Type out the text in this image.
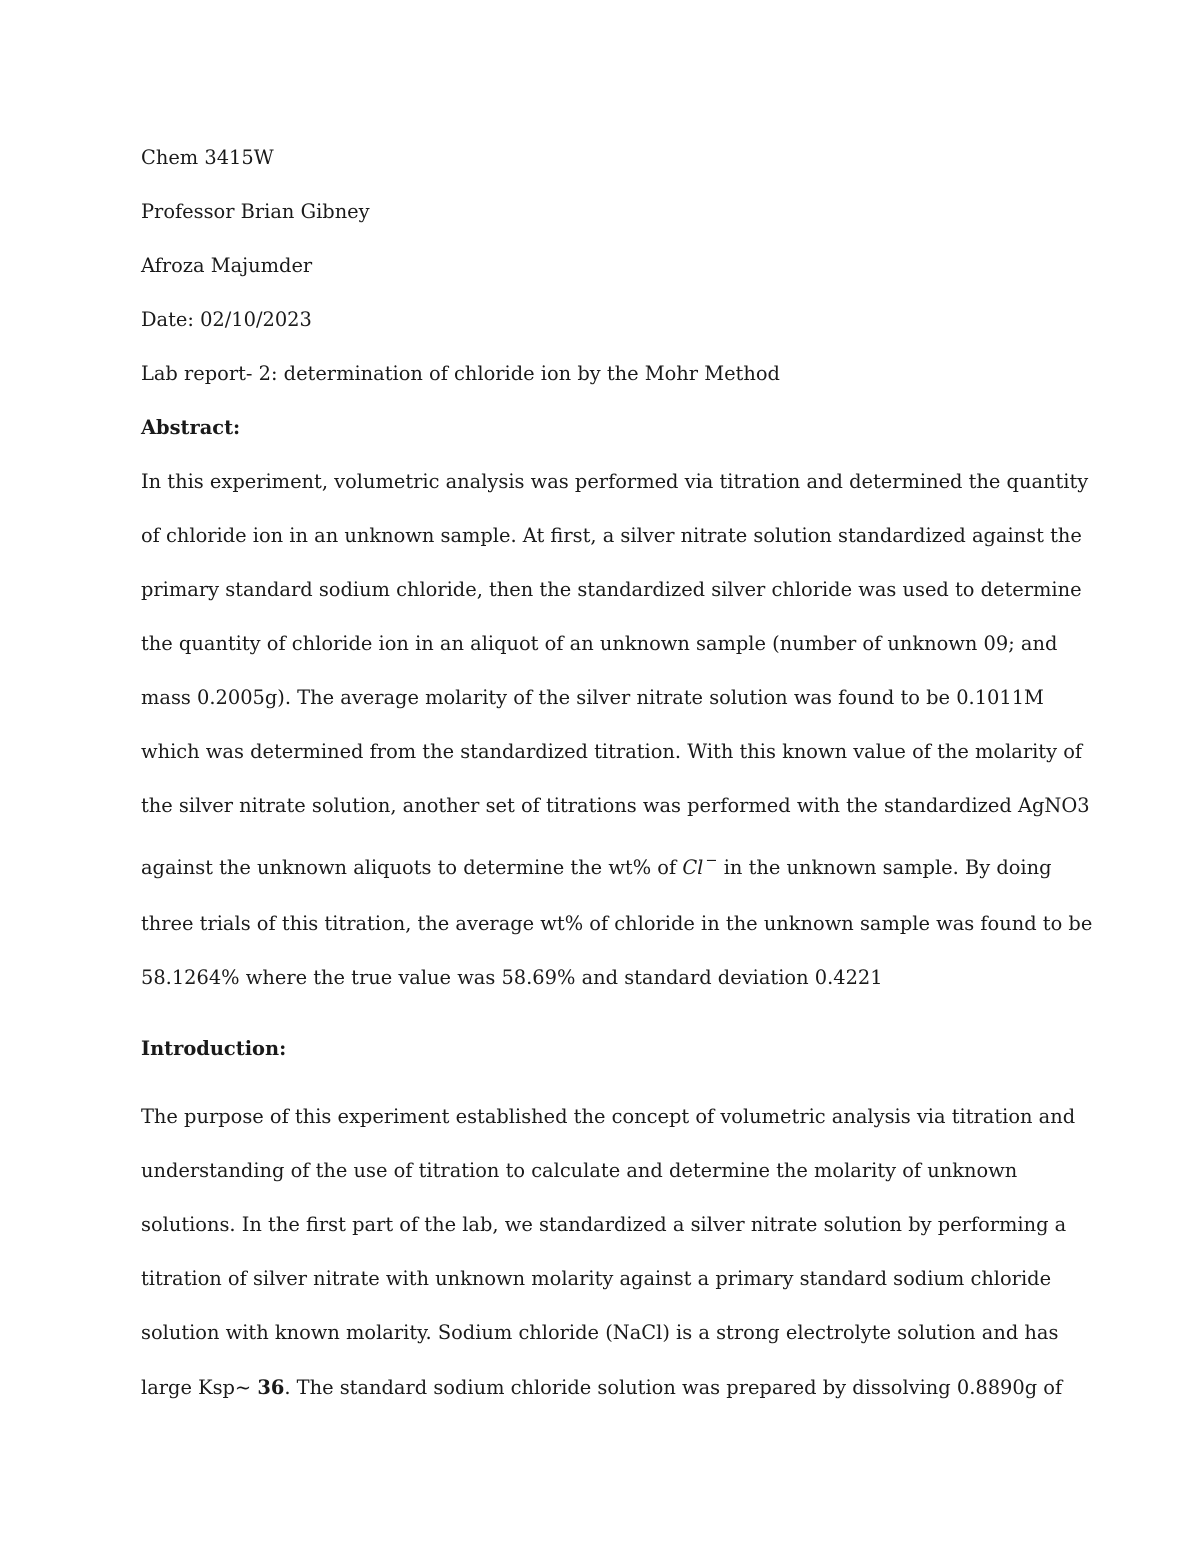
Chem 3415W
Professor Brian Gibney
Afroza Majumder
Date: 02/10/2023
Lab report- 2: determination of chloride ion by the Mohr Method
Abstract:
In this experiment, volumetric analysis was performed via titration and determined the quantity
of chloride ion in an unknown sample. At first, a silver nitrate solution standardized against the
primary standard sodium chloride, then the standardized silver chloride was used to determine
the quantity of chloride ion in an aliquot of an unknown sample (number of unknown 09; and
mass 0.2005g). The average molarity of the silver nitrate solution was found to be 0.1011M
which was determined from the standardized titration. With this known value of the molarity of
the silver nitrate solution, another set of titrations was performed with the standardized AgNO3
against the unknown aliquots to determine the wt% of Cl − in the unknown sample. By doing
three trials of this titration, the average wt% of chloride in the unknown sample was found to be
58.1264% where the true value was 58.69% and standard deviation 0.4221
Introduction:
The purpose of this experiment established the concept of volumetric analysis via titration and
understanding of the use of titration to calculate and determine the molarity of unknown
solutions. In the first part of the lab, we standardized a silver nitrate solution by performing a
titration of silver nitrate with unknown molarity against a primary standard sodium chloride
solution with known molarity. Sodium chloride (NaCl) is a strong electrolyte solution and has
large Ksp~ 36. The standard sodium chloride solution was prepared by dissolving 0.8890g of
